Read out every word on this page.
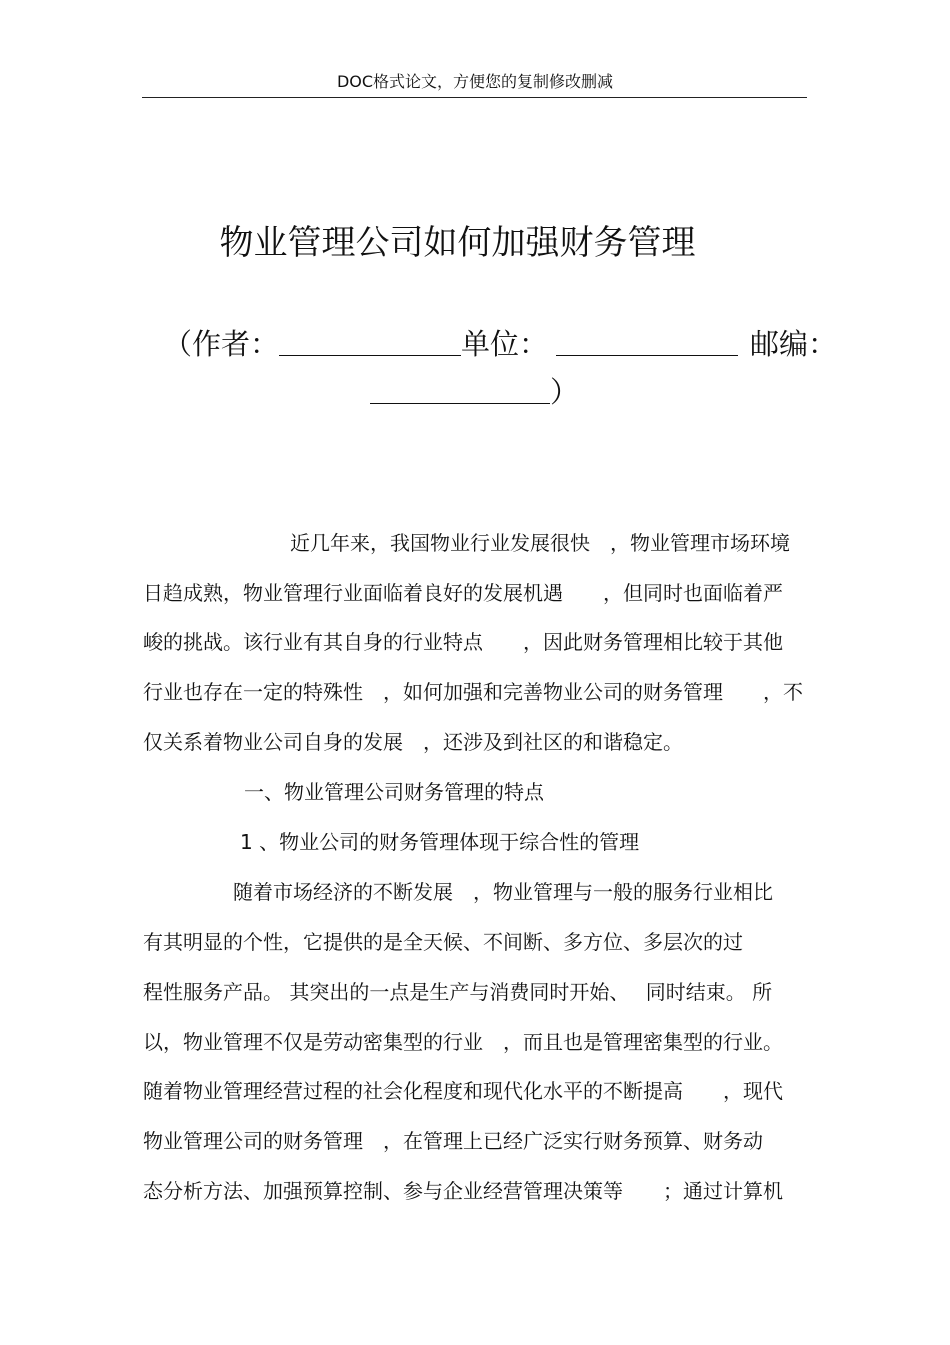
DOC格式论文，方便您的复制修改删减
物业管理公司如何加强财务管理
（作者：	单位：	邮编：
）
近几年来，我国物业行业发展很快　，物业管理市场环境
日趋成熟，物业管理行业面临着良好的发展机遇　　，但同时也面临着严
峻的挑战。该行业有其自身的行业特点　　，因此财务管理相比较于其他
行业也存在一定的特殊性　，如何加强和完善物业公司的财务管理　　，不
仅关系着物业公司自身的发展　，还涉及到社区的和谐稳定。
一、物业管理公司财务管理的特点
1 、物业公司的财务管理体现于综合性的管理
随着市场经济的不断发展　，物业管理与一般的服务行业相比
有其明显的个性，它提供的是全天候、不间断、多方位、多层次的过
程性服务产品。 其突出的一点是生产与消费同时开始、　 同时结束。 所
以，物业管理不仅是劳动密集型的行业　，而且也是管理密集型的行业。
随着物业管理经营过程的社会化程度和现代化水平的不断提高　　，现代
物业管理公司的财务管理　，在管理上已经广泛实行财务预算、财务动
态分析方法、加强预算控制、参与企业经营管理决策等　　；通过计算机
